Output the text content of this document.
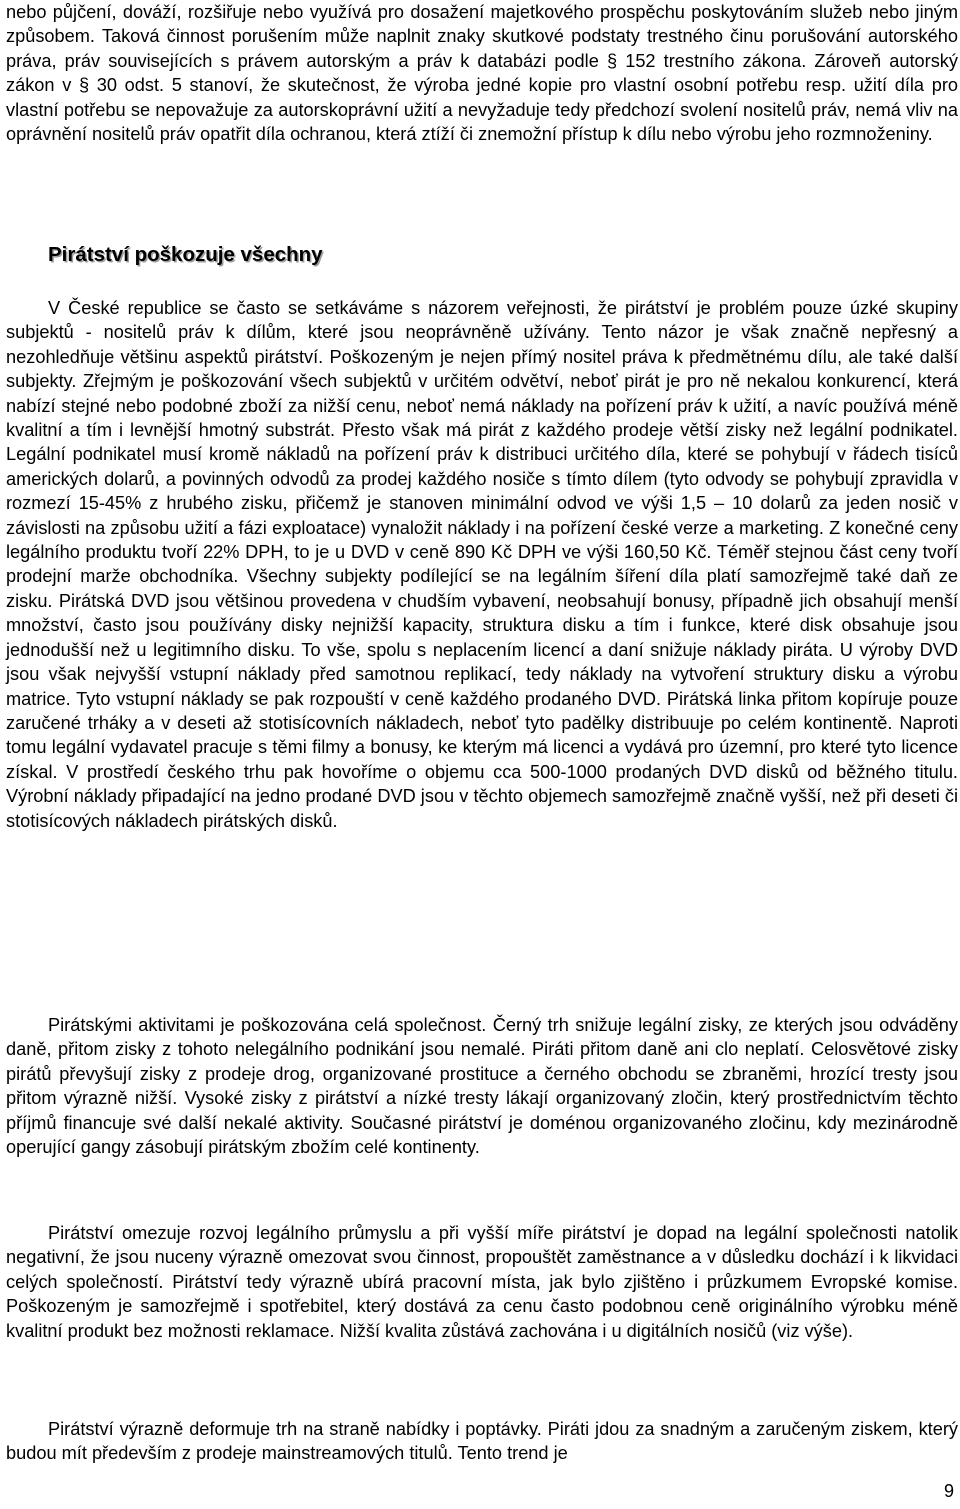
nebo půjčení, dováží, rozšiřuje nebo využívá pro dosažení majetkového prospěchu poskytováním služeb nebo jiným způsobem. Taková činnost porušením může naplnit znaky skutkové podstaty trestného činu porušování autorského práva, práv souvisejících s právem autorským a práv k databázi podle § 152 trestního zákona. Zároveň autorský zákon v § 30 odst. 5 stanoví, že skutečnost, že výroba jedné kopie pro vlastní osobní potřebu resp. užití díla pro vlastní potřebu se nepovažuje za autorskoprávní užití a nevyžaduje tedy předchozí svolení nositelů práv, nemá vliv na oprávnění nositelů práv opatřit díla ochranou, která ztíží či znemožní přístup k dílu nebo výrobu jeho rozmnoženiny.

Pirátství poškozuje všechny

V České republice se často se setkáváme s názorem veřejnosti, že pirátství je problém pouze úzké skupiny subjektů - nositelů práv k dílům, které jsou neoprávněně užívány. Tento názor je však značně nepřesný a nezohledňuje většinu aspektů pirátství. Poškozeným je nejen přímý nositel práva k předmětnému dílu, ale také další subjekty. Zřejmým je poškozování všech subjektů v určitém odvětví, neboť pirát je pro ně nekalou konkurencí, která nabízí stejné nebo podobné zboží za nižší cenu, neboť nemá náklady na pořízení práv k užití, a navíc používá méně kvalitní a tím i levnější hmotný substrát. Přesto však má pirát z každého prodeje větší zisky než legální podnikatel. Legální podnikatel musí kromě nákladů na pořízení práv k distribuci určitého díla, které se pohybují v řádech tisíců amerických dolarů, a povinných odvodů za prodej každého nosiče s tímto dílem (tyto odvody se pohybují zpravidla v rozmezí 15-45% z hrubého zisku, přičemž je stanoven minimální odvod ve výši 1,5 – 10 dolarů za jeden nosič v závislosti na způsobu užití a fázi exploatace) vynaložit náklady i na pořízení české verze a marketing. Z konečné ceny legálního produktu tvoří 22% DPH, to je u DVD v ceně 890 Kč DPH ve výši 160,50 Kč. Téměř stejnou část ceny tvoří prodejní marže obchodníka. Všechny subjekty podílející se na legálním šíření díla platí samozřejmě také daň ze zisku. Pirátská DVD jsou většinou provedena v chudším vybavení, neobsahují bonusy, případně jich obsahují menší množství, často jsou používány disky nejnižší kapacity, struktura disku a tím i funkce, které disk obsahuje jsou jednodušší než u legitimního disku. To vše, spolu s neplacením licencí a daní snižuje náklady piráta. U výroby DVD jsou však nejvyšší vstupní náklady před samotnou replikací, tedy náklady na vytvoření struktury disku a výrobu matrice. Tyto vstupní náklady se pak rozpouští v ceně každého prodaného DVD. Pirátská linka přitom kopíruje pouze zaručené trháky a v deseti až stotisícovních nákladech, neboť tyto padělky distribuuje po celém kontinentě. Naproti tomu legální vydavatel pracuje s těmi filmy a bonusy, ke kterým má licenci a vydává pro územní, pro které tyto licence získal. V prostředí českého trhu pak hovoříme o objemu cca 500-1000 prodaných DVD disků od běžného titulu. Výrobní náklady připadající na jedno prodané DVD jsou v těchto objemech samozřejmě značně vyšší, než při deseti či stotisícových nákladech pirátských disků.

Pirátskými aktivitami je poškozována celá společnost. Černý trh snižuje legální zisky, ze kterých jsou odváděny daně, přitom zisky z tohoto nelegálního podnikání jsou nemalé. Piráti přitom daně ani clo neplatí. Celosvětové zisky pirátů převyšují zisky z prodeje drog, organizované prostituce a černého obchodu se zbraněmi, hrozící tresty jsou přitom výrazně nižší. Vysoké zisky z pirátství a nízké tresty lákají organizovaný zločin, který prostřednictvím těchto příjmů financuje své další nekalé aktivity. Současné pirátství je doménou organizovaného zločinu, kdy mezinárodně operující gangy zásobují pirátským zbožím celé kontinenty.

Pirátství omezuje rozvoj legálního průmyslu a při vyšší míře pirátství je dopad na legální společnosti natolik negativní, že jsou nuceny výrazně omezovat svou činnost, propouštět zaměstnance a v důsledku dochází i k likvidaci celých společností. Pirátství tedy výrazně ubírá pracovní místa, jak bylo zjištěno i průzkumem Evropské komise. Poškozeným je samozřejmě i spotřebitel, který dostává za cenu často podobnou ceně originálního výrobku méně kvalitní produkt bez možnosti reklamace. Nižší kvalita zůstává zachována i u digitálních nosičů (viz výše).

Pirátství výrazně deformuje trh na straně nabídky i poptávky. Piráti jdou za snadným a zaručeným ziskem, který budou mít především z prodeje mainstreamových titulů. Tento trend je

9
